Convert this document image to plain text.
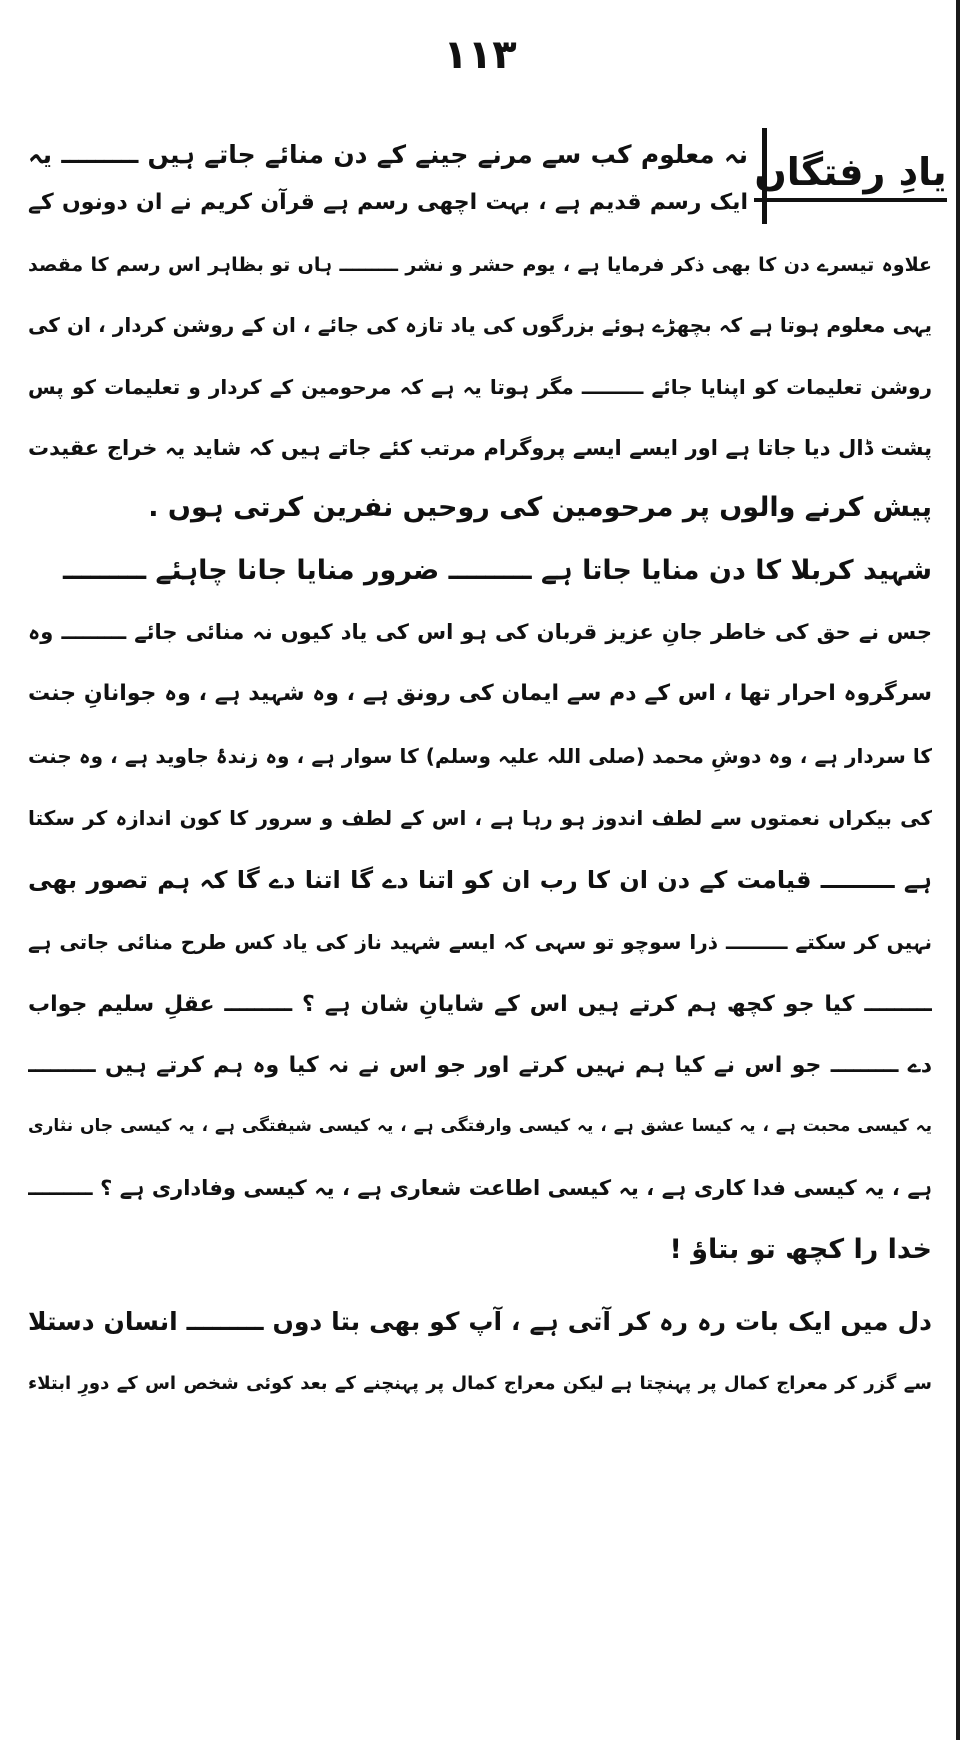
۱۱۳
یادِ رفتگاں
نہ معلوم کب سے مرنے جینے کے دن منائے جاتے ہیں ـــــــــ یہ
ایک رسم قدیم ہے ، بہت اچھی رسم ہے قرآن کریم نے ان دونوں کے
علاوہ تیسرے دن کا بھی ذکر فرمایا ہے ، یوم حشر و نشر ـــــــــ ہاں تو بظاہر اس رسم کا مقصد
یہی معلوم ہوتا ہے کہ بچھڑے ہوئے بزرگوں کی یاد تازہ کی جائے ، ان کے روشن کردار ، ان کی
روشن تعلیمات کو اپنایا جائے ـــــــــ مگر ہوتا یہ ہے کہ مرحومین کے کردار و تعلیمات کو پس
پشت ڈال دیا جاتا ہے اور ایسے ایسے پروگرام مرتب کئے جاتے ہیں کہ شاید یہ خراج عقیدت
پیش کرنے والوں پر مرحومین کی روحیں نفرین کرتی ہوں .
شہید کربلا کا دن منایا جاتا ہے ـــــــــ ضرور منایا جانا چاہئے ـــــــــ
جس نے حق کی خاطر جانِ عزیز قربان کی ہو اس کی یاد کیوں نہ منائی جائے ـــــــــ وہ
سرگروہ احرار تھا ، اس کے دم سے ایمان کی رونق ہے ، وہ شہید ہے ، وہ جوانانِ جنت
کا سردار ہے ، وہ دوشِ محمد (صلی اللہ علیہ وسلم) کا سوار ہے ، وہ زندۂ جاوید ہے ، وہ جنت
کی بیکراں نعمتوں سے لطف اندوز ہو رہا ہے ، اس کے لطف و سرور کا کون اندازہ کر سکتا
ہے ـــــــــ قیامت کے دن ان کا رب ان کو اتنا دے گا اتنا دے گا کہ ہم تصور بھی
نہیں کر سکتے ـــــــــ ذرا سوچو تو سہی کہ ایسے شہید ناز کی یاد کس طرح منائی جاتی ہے
ـــــــــ کیا جو کچھ ہم کرتے ہیں اس کے شایانِ شان ہے ؟ ـــــــــ عقلِ سلیم جواب
دے ـــــــــ جو اس نے کیا ہم نہیں کرتے اور جو اس نے نہ کیا وہ ہم کرتے ہیں ـــــــــ
یہ کیسی محبت ہے ، یہ کیسا عشق ہے ، یہ کیسی وارفتگی ہے ، یہ کیسی شیفتگی ہے ، یہ کیسی جاں نثاری
ہے ، یہ کیسی فدا کاری ہے ، یہ کیسی اطاعت شعاری ہے ، یہ کیسی وفاداری ہے ؟ ـــــــــ
خدا را کچھ تو بتاؤ !
دل میں ایک بات رہ رہ کر آتی ہے ، آپ کو بھی بتا دوں ـــــــــ انسان دستلا
سے گزر کر معراج کمال پر پہنچتا ہے لیکن معراج کمال پر پہنچنے کے بعد کوئی شخص اس کے دورِ ابتلاء
